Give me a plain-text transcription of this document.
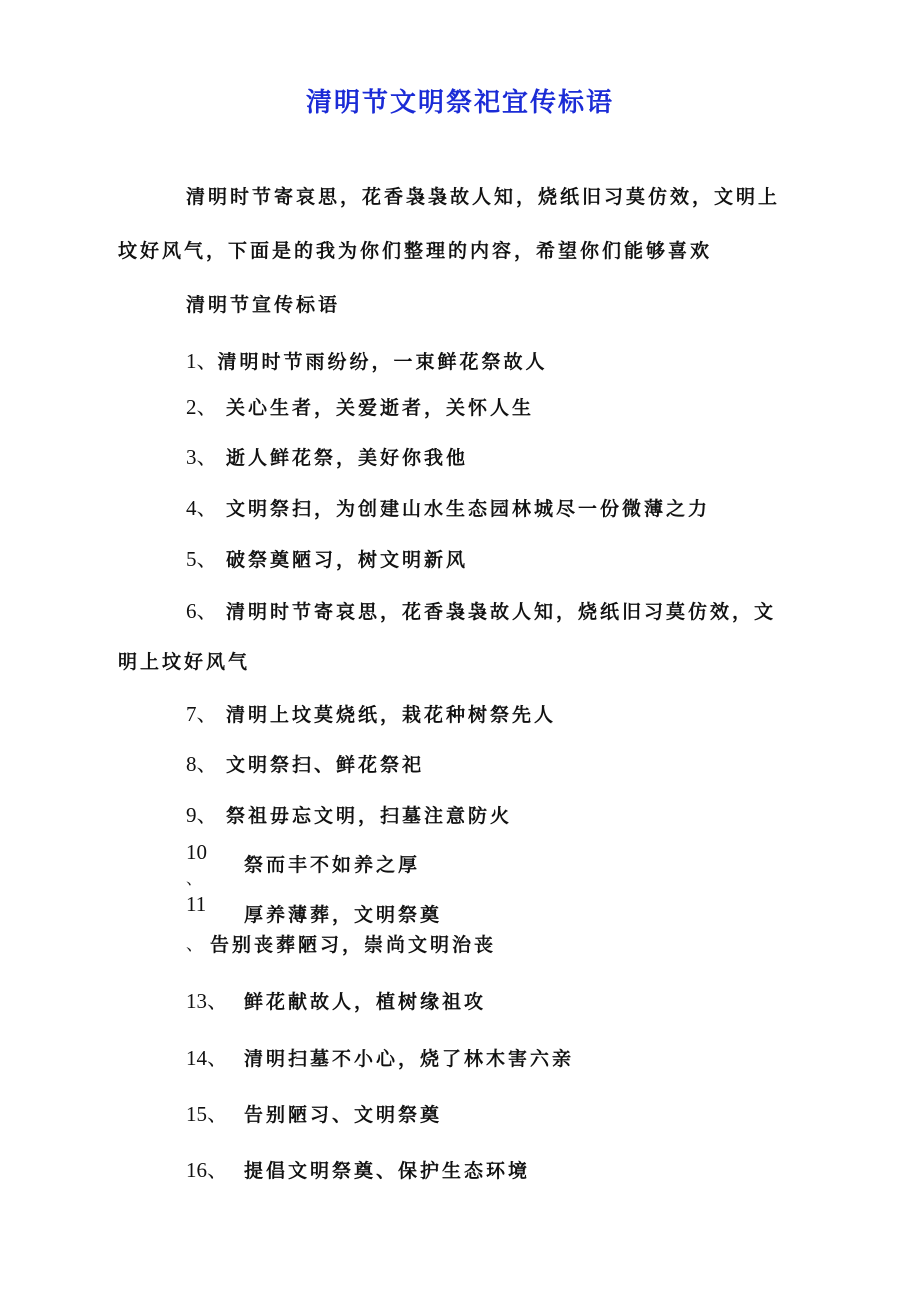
清明节文明祭祀宜传标语
清明时节寄哀思，花香袅袅故人知，烧纸旧习莫仿效，文明上
坟好风气，下面是的我为你们整理的内容，希望你们能够喜欢
清明节宣传标语
1、清明时节雨纷纷，一束鲜花祭故人
2、 关心生者，关爱逝者，关怀人生
3、 逝人鲜花祭，美好你我他
4、 文明祭扫，为创建山水生态园林城尽一份微薄之力
5、 破祭奠陋习，树文明新风
6、 清明时节寄哀思，花香袅袅故人知，烧纸旧习莫仿效，文
明上坟好风气
7、 清明上坟莫烧纸，栽花种树祭先人
8、 文明祭扫、鲜花祭祀
9、 祭祖毋忘文明，扫墓注意防火
10
、
祭而丰不如养之厚
11 厚养薄葬，文明祭奠
、 告别丧葬陋习，崇尚文明治丧
13、 鲜花献故人，植树缘祖攻
14、 清明扫墓不小心，烧了林木害六亲
15、 告别陋习、文明祭奠
16、 提倡文明祭奠、保护生态环境
